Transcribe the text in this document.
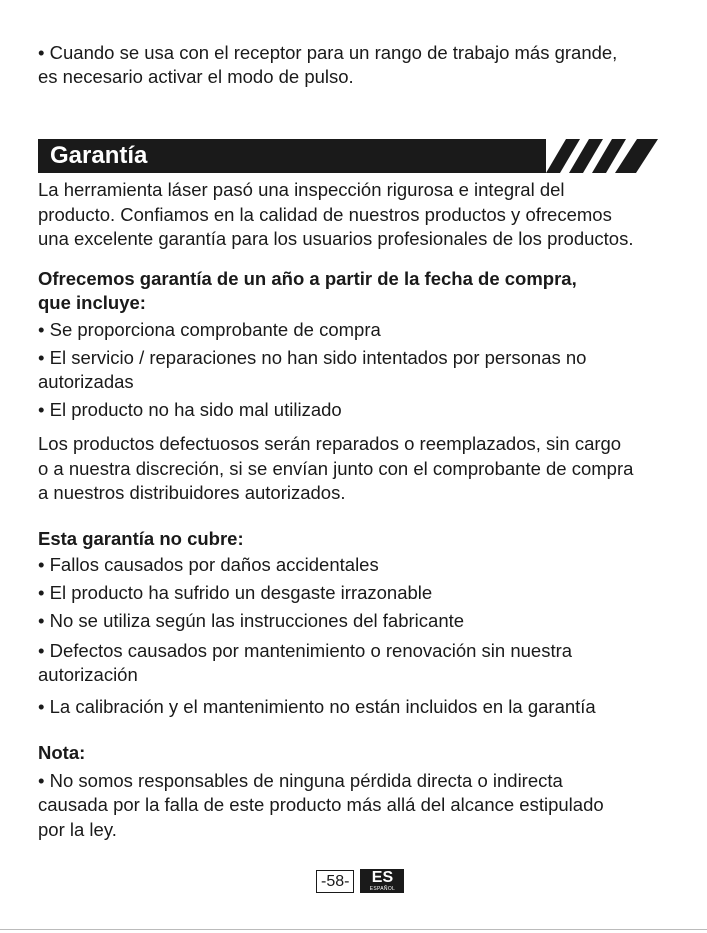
• Cuando se usa con el receptor para un rango de trabajo más grande,

es necesario activar el modo de pulso.

Garantía

La herramienta láser pasó una inspección rigurosa e integral del

producto. Confiamos en la calidad de nuestros productos y ofrecemos

una excelente garantía para los usuarios profesionales de los productos.

Ofrecemos garantía de un año a partir de la fecha de compra,

que incluye:

• Se proporciona comprobante de compra

• El servicio / reparaciones no han sido intentados por personas no

autorizadas

• El producto no ha sido mal utilizado

Los productos defectuosos serán reparados o reemplazados, sin cargo

o a nuestra discreción, si se envían junto con el comprobante de compra

a nuestros distribuidores autorizados.

Esta garantía no cubre:

• Fallos causados por daños accidentales

• El producto ha sufrido un desgaste irrazonable

• No se utiliza según las instrucciones del fabricante

• Defectos causados por mantenimiento o renovación sin nuestra

autorización

• La calibración y el mantenimiento no están incluidos en la garantía

Nota:

• No somos responsables de ninguna pérdida directa o indirecta

causada por la falla de este producto más allá del alcance estipulado

por la ley.

-58-	ES
ESPAÑOL
